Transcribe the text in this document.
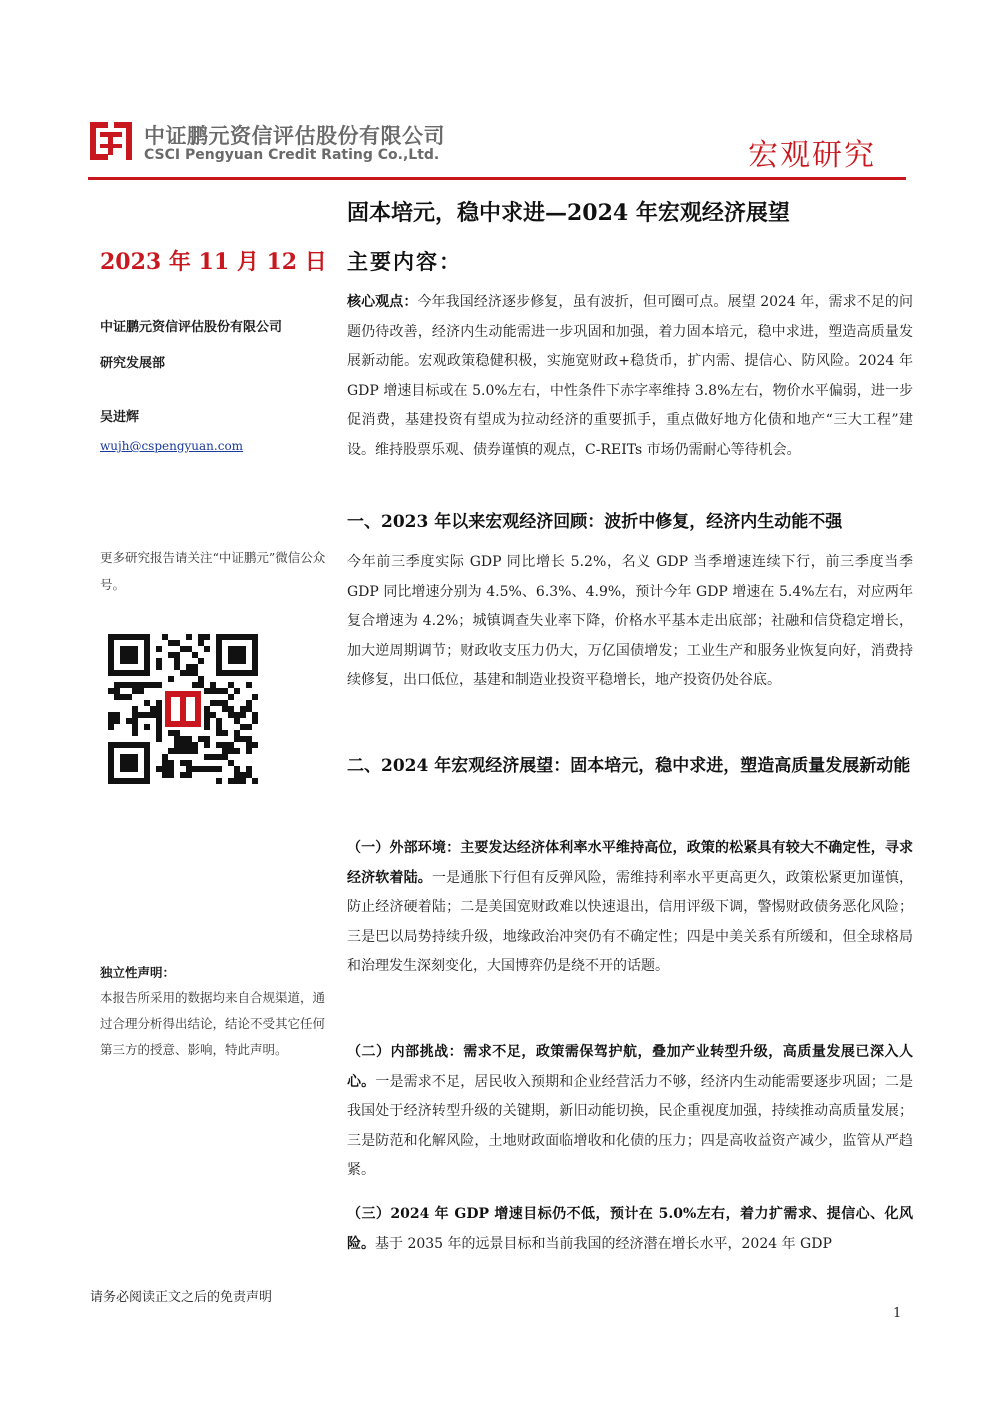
中证鹏元资信评估股份有限公司
CSCI Pengyuan Credit Rating Co.,Ltd.	宏观研究
固本培元，稳中求进—2024 年宏观经济展望
2023 年 11 月 12 日
中证鹏元资信评估股份有限公司
研究发展部
吴进辉
wujh@cspengyuan.com
更多研究报告请关注“中证鹏元”微信公众号。
独立性声明：
本报告所采用的数据均来自合规渠道，通过合理分析得出结论，结论不受其它任何第三方的授意、影响，特此声明。
主要内容：
核心观点：今年我国经济逐步修复，虽有波折，但可圈可点。展望 2024 年，需求不足的问题仍待改善，经济内生动能需进一步巩固和加强，着力固本培元，稳中求进，塑造高质量发展新动能。宏观政策稳健积极，实施宽财政+稳货币，扩内需、提信心、防风险。2024 年 GDP 增速目标或在 5.0%左右，中性条件下赤字率维持 3.8%左右，物价水平偏弱，进一步促消费，基建投资有望成为拉动经济的重要抓手，重点做好地方化债和地产“三大工程”建设。维持股票乐观、债券谨慎的观点，C-REITs 市场仍需耐心等待机会。
一、2023 年以来宏观经济回顾：波折中修复，经济内生动能不强
今年前三季度实际 GDP 同比增长 5.2%，名义 GDP 当季增速连续下行，前三季度当季 GDP 同比增速分别为 4.5%、6.3%、4.9%，预计今年 GDP 增速在 5.4%左右，对应两年复合增速为 4.2%；城镇调查失业率下降，价格水平基本走出底部；社融和信贷稳定增长，加大逆周期调节；财政收支压力仍大，万亿国债增发；工业生产和服务业恢复向好，消费持续修复，出口低位，基建和制造业投资平稳增长，地产投资仍处谷底。
二、2024 年宏观经济展望：固本培元，稳中求进，塑造高质量发展新动能
（一）外部环境：主要发达经济体利率水平维持高位，政策的松紧具有较大不确定性，寻求经济软着陆。一是通胀下行但有反弹风险，需维持利率水平更高更久，政策松紧更加谨慎，防止经济硬着陆；二是美国宽财政难以快速退出，信用评级下调，警惕财政债务恶化风险；三是巴以局势持续升级，地缘政治冲突仍有不确定性；四是中美关系有所缓和，但全球格局和治理发生深刻变化，大国博弈仍是绕不开的话题。
（二）内部挑战：需求不足，政策需保驾护航，叠加产业转型升级，高质量发展已深入人心。一是需求不足，居民收入预期和企业经营活力不够，经济内生动能需要逐步巩固；二是我国处于经济转型升级的关键期，新旧动能切换，民企重视度加强，持续推动高质量发展；三是防范和化解风险，土地财政面临增收和化债的压力；四是高收益资产减少，监管从严趋紧。
（三）2024 年 GDP 增速目标仍不低，预计在 5.0%左右，着力扩需求、提信心、化风险。基于 2035 年的远景目标和当前我国的经济潜在增长水平，2024 年 GDP
请务必阅读正文之后的免责声明
1
